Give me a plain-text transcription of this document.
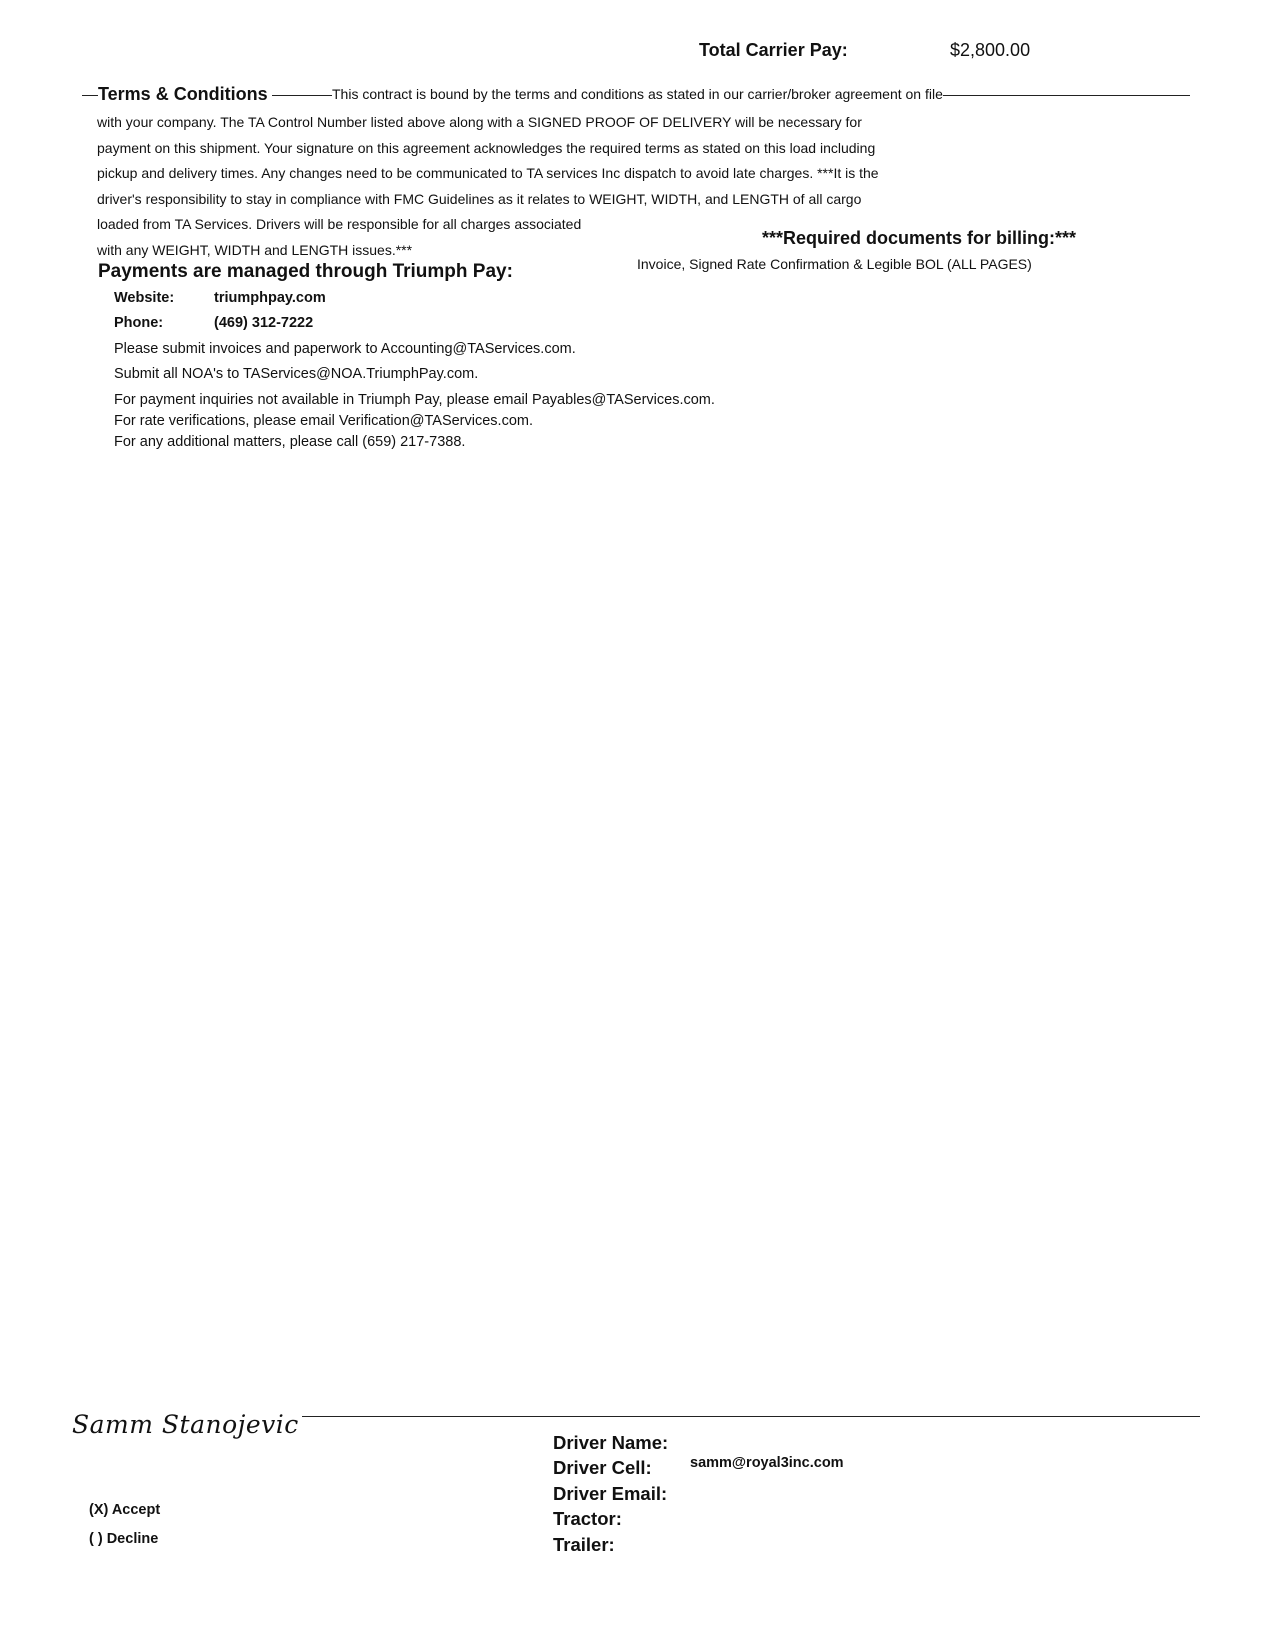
Total Carrier Pay:	$2,800.00
Terms & Conditions	This contract is bound by the terms and conditions as stated in our carrier/broker agreement on file
with your company. The TA Control Number listed above along with a SIGNED PROOF OF DELIVERY will be necessary for
payment on this shipment. Your signature on this agreement acknowledges the required terms as stated on this load including
pickup and delivery times. Any changes need to be communicated to TA services Inc dispatch to avoid late charges. ***It is the
driver's responsibility to stay in compliance with FMC Guidelines as it relates to WEIGHT, WIDTH, and LENGTH of all cargo
loaded from TA Services. Drivers will be responsible for all charges associated
with any WEIGHT, WIDTH and LENGTH issues.***
***Required documents for billing:***
Invoice, Signed Rate Confirmation & Legible BOL (ALL PAGES)
Payments are managed through Triumph Pay:
Website:	triumphpay.com
Phone:	(469) 312-7222
Please submit invoices and paperwork to Accounting@TAServices.com.
Submit all NOA's to TAServices@NOA.TriumphPay.com.
For payment inquiries not available in Triumph Pay, please email Payables@TAServices.com.
For rate verifications, please email Verification@TAServices.com.
For any additional matters, please call (659) 217-7388.
Samm Stanojevic
(X) Accept
( ) Decline
Driver Name:
Driver Cell:	samm@royal3inc.com
Driver Email:
Tractor:
Trailer:
